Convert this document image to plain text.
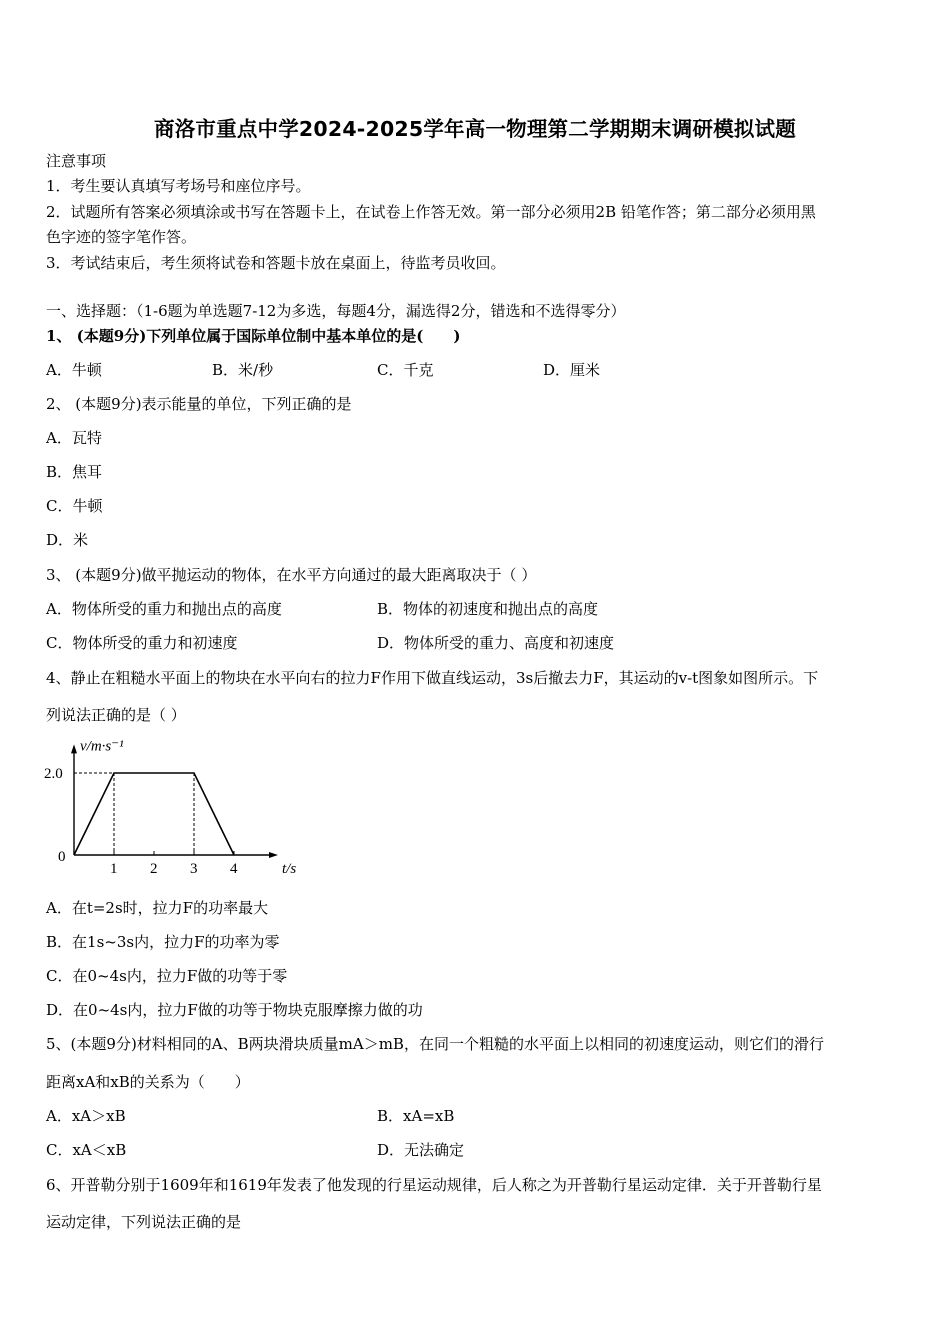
商洛市重点中学2024-2025学年高一物理第二学期期末调研模拟试题
注意事项
1．考生要认真填写考场号和座位序号。
2．试题所有答案必须填涂或书写在答题卡上，在试卷上作答无效。第一部分必须用2B 铅笔作答；第二部分必须用黑
色字迹的签字笔作答。
3．考试结束后，考生须将试卷和答题卡放在桌面上，待监考员收回。
一、选择题：（1-6题为单选题7-12为多选，每题4分，漏选得2分，错选和不选得零分）
1、 (本题9分)下列单位属于国际单位制中基本单位的是(　　)
A．牛顿	B．米/秒	C．千克	D．厘米
2、 (本题9分)表示能量的单位，下列正确的是
A．瓦特
B．焦耳
C．牛顿
D．米
3、 (本题9分)做平抛运动的物体，在水平方向通过的最大距离取决于（ ）
A．物体所受的重力和抛出点的高度	B．物体的初速度和抛出点的高度
C．物体所受的重力和初速度	D．物体所受的重力、高度和初速度
4、静止在粗糙水平面上的物块在水平向右的拉力F作用下做直线运动，3s后撤去力F，其运动的v-t图象如图所示。下
列说法正确的是（ ）
1 2 3 4
2.0
0
t/s
v/m·s⁻¹
A．在t=2s时，拉力F的功率最大
B．在1s~3s内，拉力F的功率为零
C．在0~4s内，拉力F做的功等于零
D．在0~4s内，拉力F做的功等于物块克服摩擦力做的功
5、(本题9分)材料相同的A、B两块滑块质量mA＞mB，在同一个粗糙的水平面上以相同的初速度运动，则它们的滑行
距离xA和xB的关系为（　　）
A．xA＞xB	B．xA=xB
C．xA＜xB	D．无法确定
6、开普勒分别于1609年和1619年发表了他发现的行星运动规律，后人称之为开普勒行星运动定律．关于开普勒行星
运动定律，下列说法正确的是
